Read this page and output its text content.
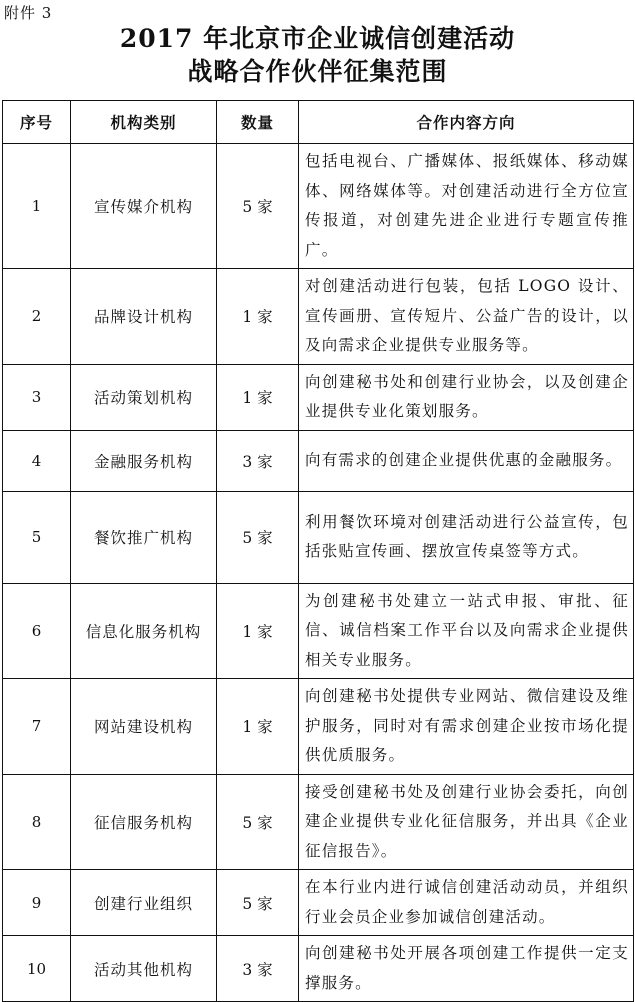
附件 3
2017 年北京市企业诚信创建活动
战略合作伙伴征集范围
序号	机构类别	数量	合作内容方向
1	宣传媒介机构	5 家	包括电视台、广播媒体、报纸媒体、移动媒体、网络媒体等。对创建活动进行全方位宣传报道，对创建先进企业进行专题宣传推广。
2	品牌设计机构	1 家	对创建活动进行包装，包括 LOGO 设计、宣传画册、宣传短片、公益广告的设计，以及向需求企业提供专业服务等。
3	活动策划机构	1 家	向创建秘书处和创建行业协会，以及创建企业提供专业化策划服务。
4	金融服务机构	3 家	向有需求的创建企业提供优惠的金融服务。
5	餐饮推广机构	5 家	利用餐饮环境对创建活动进行公益宣传，包括张贴宣传画、摆放宣传桌签等方式。
6	信息化服务机构	1 家	为创建秘书处建立一站式申报、审批、征信、诚信档案工作平台以及向需求企业提供相关专业服务。
7	网站建设机构	1 家	向创建秘书处提供专业网站、微信建设及维护服务，同时对有需求创建企业按市场化提供优质服务。
8	征信服务机构	5 家	接受创建秘书处及创建行业协会委托，向创建企业提供专业化征信服务，并出具《企业征信报告》。
9	创建行业组织	5 家	在本行业内进行诚信创建活动动员，并组织行业会员企业参加诚信创建活动。
10	活动其他机构	3 家	向创建秘书处开展各项创建工作提供一定支撑服务。
